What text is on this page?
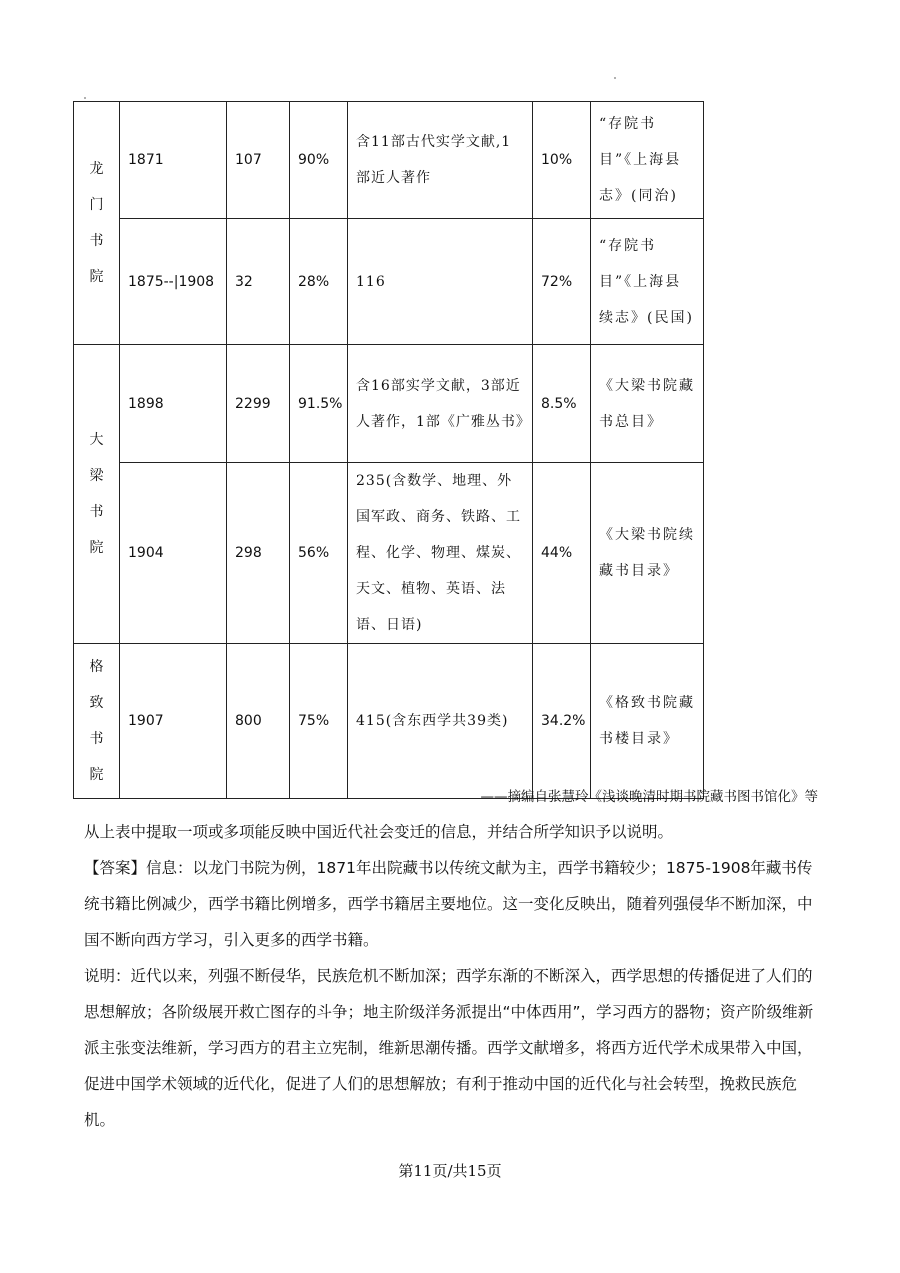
龙
门
书
院	1871	107	90%	含11部古代实学文献,1部近人著作	10%	“存院书目”《上海县志》(同治)
	1875--|1908	32	28%	116	72%	“存院书目”《上海县续志》(民国)

大
梁
书
院	1898	2299	91.5%	含16部实学文献，3部近人著作，1部《广雅丛书》	8.5%	《大梁书院藏书总目》
	1904	298	56%	235(含数学、地理、外国军政、商务、铁路、工程、化学、物理、煤炭、天文、植物、英语、法语、日语)	44%	《大梁书院续藏书目录》

格
致
书
院	1907	800	75%	415(含东西学共39类)	34.2%	《格致书院藏书楼目录》
——摘编自张慧玲《浅谈晚清时期书院藏书图书馆化》等
从上表中提取一项或多项能反映中国近代社会变迁的信息，并结合所学知识予以说明。
【答案】信息：以龙门书院为例，1871年出院藏书以传统文献为主，西学书籍较少；1875-1908年藏书传统书籍比例减少，西学书籍比例增多，西学书籍居主要地位。这一变化反映出，随着列强侵华不断加深，中国不断向西方学习，引入更多的西学书籍。
说明：近代以来，列强不断侵华，民族危机不断加深；西学东渐的不断深入，西学思想的传播促进了人们的思想解放；各阶级展开救亡图存的斗争；地主阶级洋务派提出“中体西用”，学习西方的器物；资产阶级维新派主张变法维新，学习西方的君主立宪制，维新思潮传播。西学文献增多，将西方近代学术成果带入中国，促进中国学术领域的近代化，促进了人们的思想解放；有利于推动中国的近代化与社会转型，挽救民族危机。
第11页/共15页
